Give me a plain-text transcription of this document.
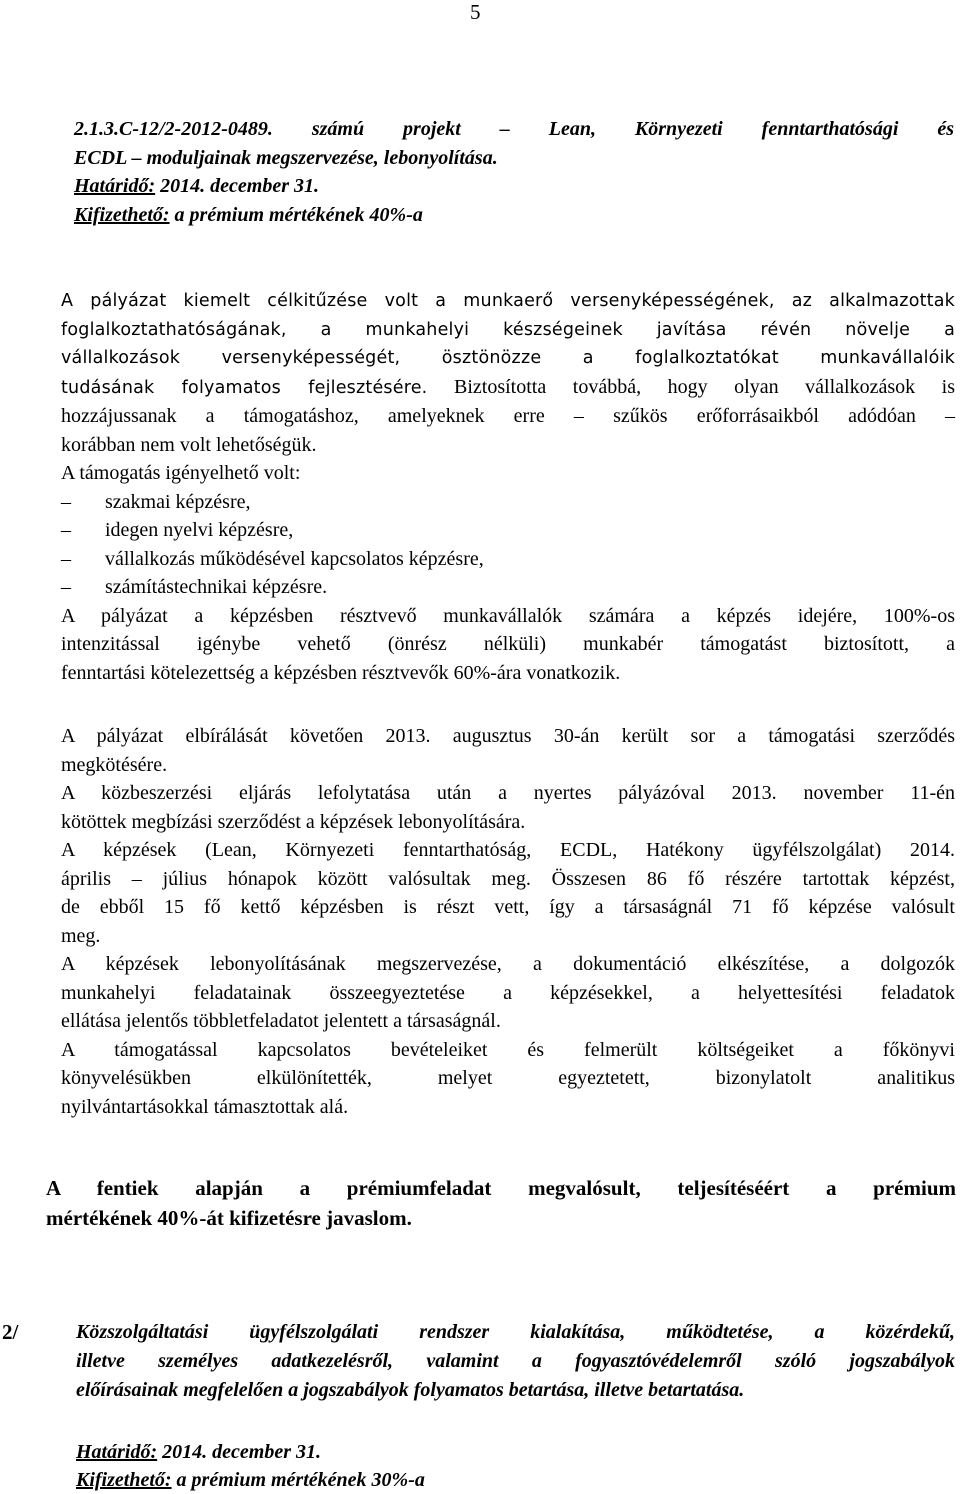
5
2.1.3.C-12/2-2012-0489. számú projekt – Lean, Környezeti fenntarthatósági és
ECDL – moduljainak megszervezése, lebonyolítása.
Határidő: 2014. december 31.
Kifizethető: a prémium mértékének 40%-a
A pályázat kiemelt célkitűzése volt a munkaerő versenyképességének, az alkalmazottak
foglalkoztathatóságának, a munkahelyi készségeinek javítása révén növelje a
vállalkozások versenyképességét, ösztönözze a foglalkoztatókat munkavállalóik
tudásának folyamatos fejlesztésére. Biztosította továbbá, hogy olyan vállalkozások is
hozzájussanak a támogatáshoz, amelyeknek erre – szűkös erőforrásaikból adódóan –
korábban nem volt lehetőségük.
A támogatás igényelhető volt:
–	szakmai képzésre,
–	idegen nyelvi képzésre,
–	vállalkozás működésével kapcsolatos képzésre,
–	számítástechnikai képzésre.
A pályázat a képzésben résztvevő munkavállalók számára a képzés idejére, 100%-os
intenzitással igénybe vehető (önrész nélküli) munkabér támogatást biztosított, a
fenntartási kötelezettség a képzésben résztvevők 60%-ára vonatkozik.
A pályázat elbírálását követően 2013. augusztus 30-án került sor a támogatási szerződés
megkötésére.
A közbeszerzési eljárás lefolytatása után a nyertes pályázóval 2013. november 11-én
kötöttek megbízási szerződést a képzések lebonyolítására.
A képzések (Lean, Környezeti fenntarthatóság, ECDL, Hatékony ügyfélszolgálat) 2014.
április – július hónapok között valósultak meg. Összesen 86 fő részére tartottak képzést,
de ebből 15 fő kettő képzésben is részt vett, így a társaságnál 71 fő képzése valósult
meg.
A képzések lebonyolításának megszervezése, a dokumentáció elkészítése, a dolgozók
munkahelyi feladatainak összeegyeztetése a képzésekkel, a helyettesítési feladatok
ellátása jelentős többletfeladatot jelentett a társaságnál.
A támogatással kapcsolatos bevételeiket és felmerült költségeiket a főkönyvi
könyvelésükben elkülönítették, melyet egyeztetett, bizonylatolt analitikus
nyilvántartásokkal támasztottak alá.
A fentiek alapján a prémiumfeladat megvalósult, teljesítéséért a prémium
mértékének 40%-át kifizetésre javaslom.
2/	Közszolgáltatási ügyfélszolgálati rendszer kialakítása, működtetése, a közérdekű,
illetve személyes adatkezelésről, valamint a fogyasztóvédelemről szóló jogszabályok
előírásainak megfelelően a jogszabályok folyamatos betartása, illetve betartatása.
Határidő: 2014. december 31.
Kifizethető: a prémium mértékének 30%-a
